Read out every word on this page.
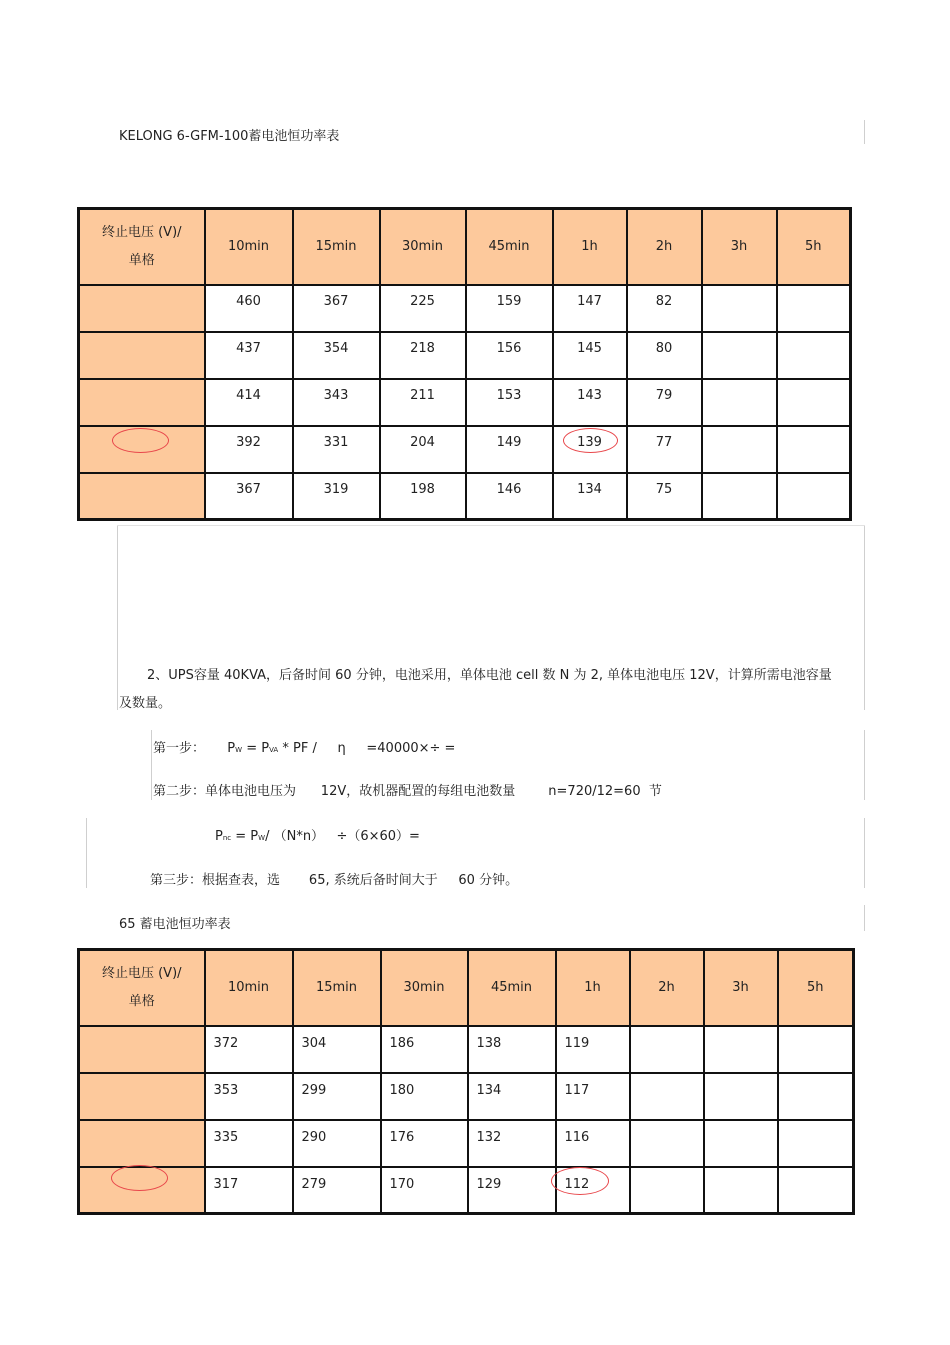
KELONG 6-GFM-100蓄电池恒功率表
终止电压 (V)/
单格	10min	15min	30min	45min	1h	2h	3h	5h
	460	367	225	159	147	82		
	437	354	218	156	145	80		
	414	343	211	153	143	79		
	392	331	204	149	139	77		
	367	319	198	146	134	75		
2、UPS容量 40KVA，后备时间 60 分钟，电池采用，单体电池 cell 数 N 为 2, 单体电池电压 12V，计算所需电池容量
及数量。
第一步： PW = PVA * PF /     η     =40000×÷ =
第二步：单体电池电压为      12V，故机器配置的每组电池数量        n=720/12=60  节
Pnc = PW/ （N*n）   ÷（6×60）=
第三步：根据查表，选       65, 系统后备时间大于     60 分钟。
65 蓄电池恒功率表
终止电压 (V)/
单格	10min	15min	30min	45min	1h	2h	3h	5h
	372	304	186	138	119			
	353	299	180	134	117			
	335	290	176	132	116			
	317	279	170	129	112			
